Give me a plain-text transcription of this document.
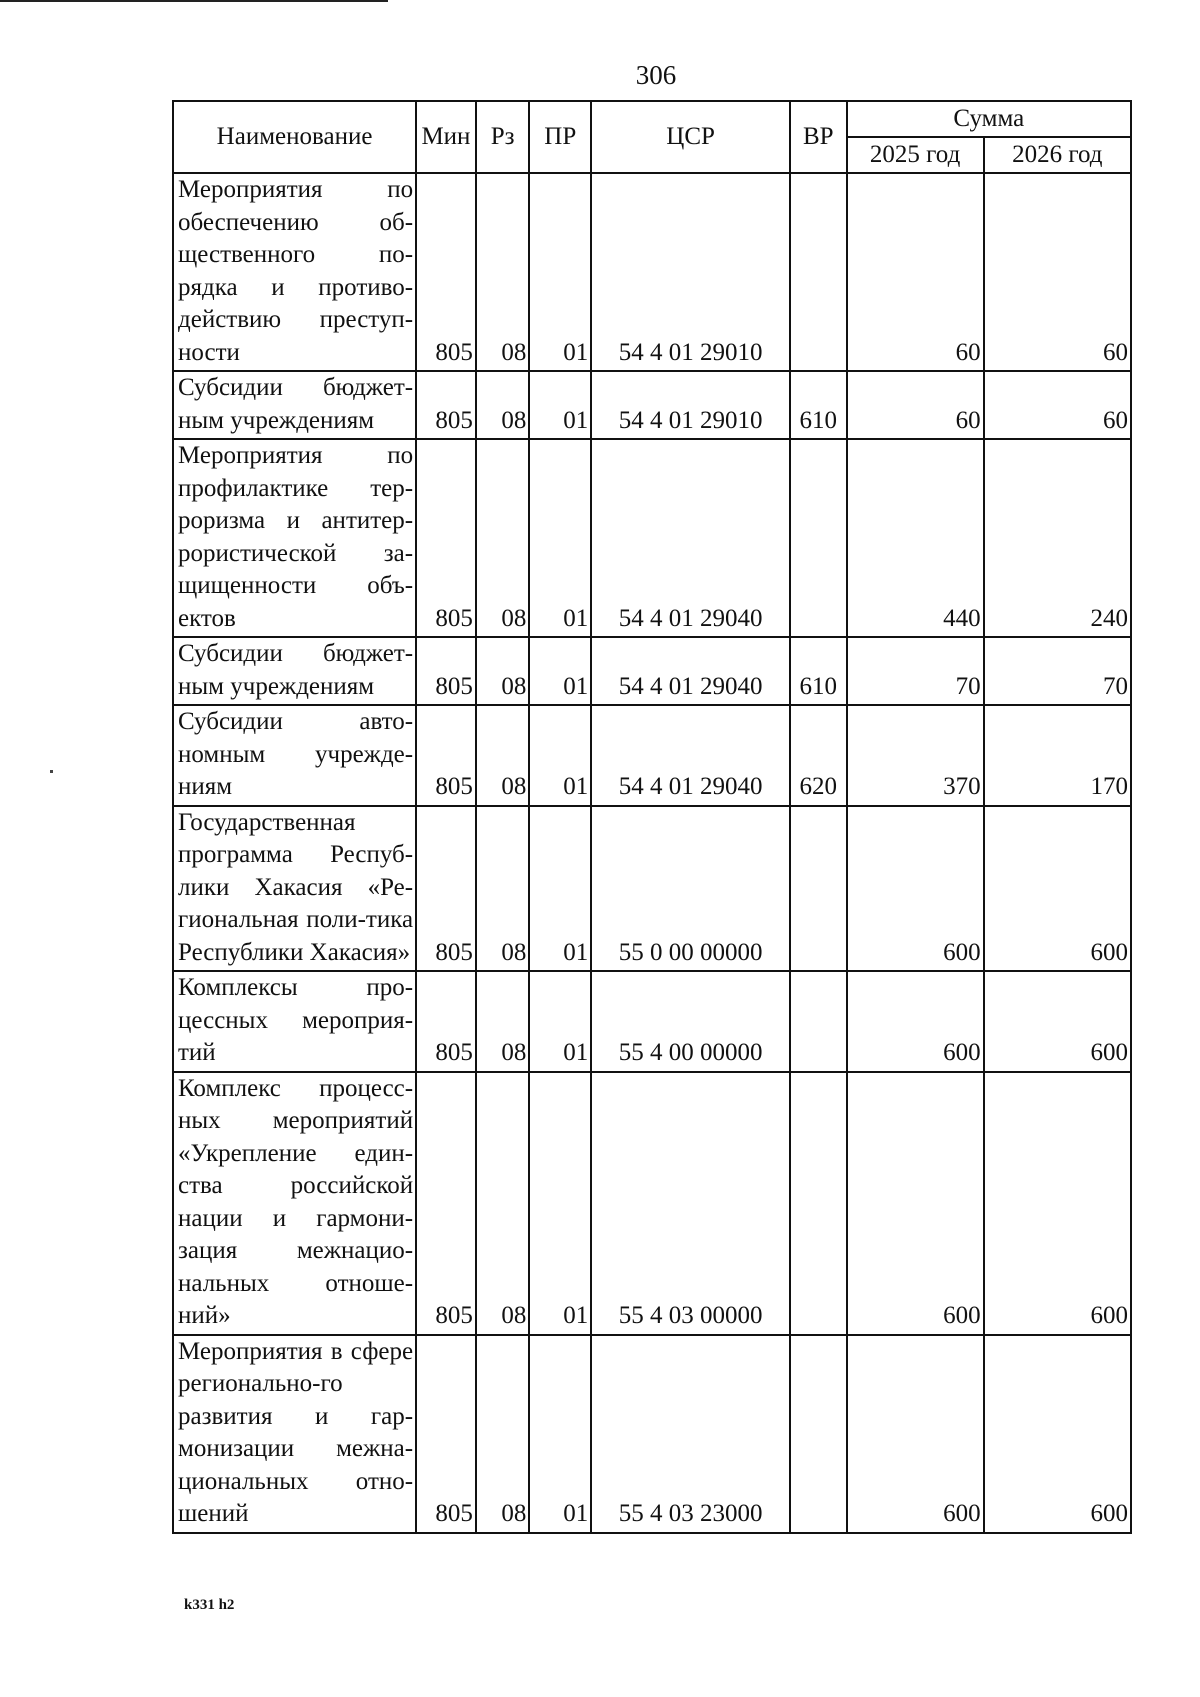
306
Наименование	Мин	Рз	ПР	ЦСР	ВР	Сумма	
						2025 год	2026 год
Мероприятия по обеспечению об-щественного по-рядка и противо-действию преступ-ности	805	08	01	54 4 01 29010		60	60
Субсидии бюджет-ным учреждениям	805	08	01	54 4 01 29010	610	60	60
Мероприятия по профилактике тер-роризма и антитер-рористической за-щищенности объ-ектов	805	08	01	54 4 01 29040		440	240
Субсидии бюджет-ным учреждениям	805	08	01	54 4 01 29040	610	70	70
Субсидии авто-номным учрежде-ниям	805	08	01	54 4 01 29040	620	370	170
Государственная программа Респуб-лики Хакасия «Ре-гиональная поли-тика Республики Хакасия»	805	08	01	55 0 00 00000		600	600
Комплексы про-цессных мероприя-тий	805	08	01	55 4 00 00000		600	600
Комплекс процесс-ных мероприятий «Укрепление един-ства российской нации и гармони-зация межнацио-нальных отноше-ний»	805	08	01	55 4 03 00000		600	600
Мероприятия в сфере регионально-го развития и гар-монизации межна-циональных отно-шений	805	08	01	55 4 03 23000		600	600
k331 h2
